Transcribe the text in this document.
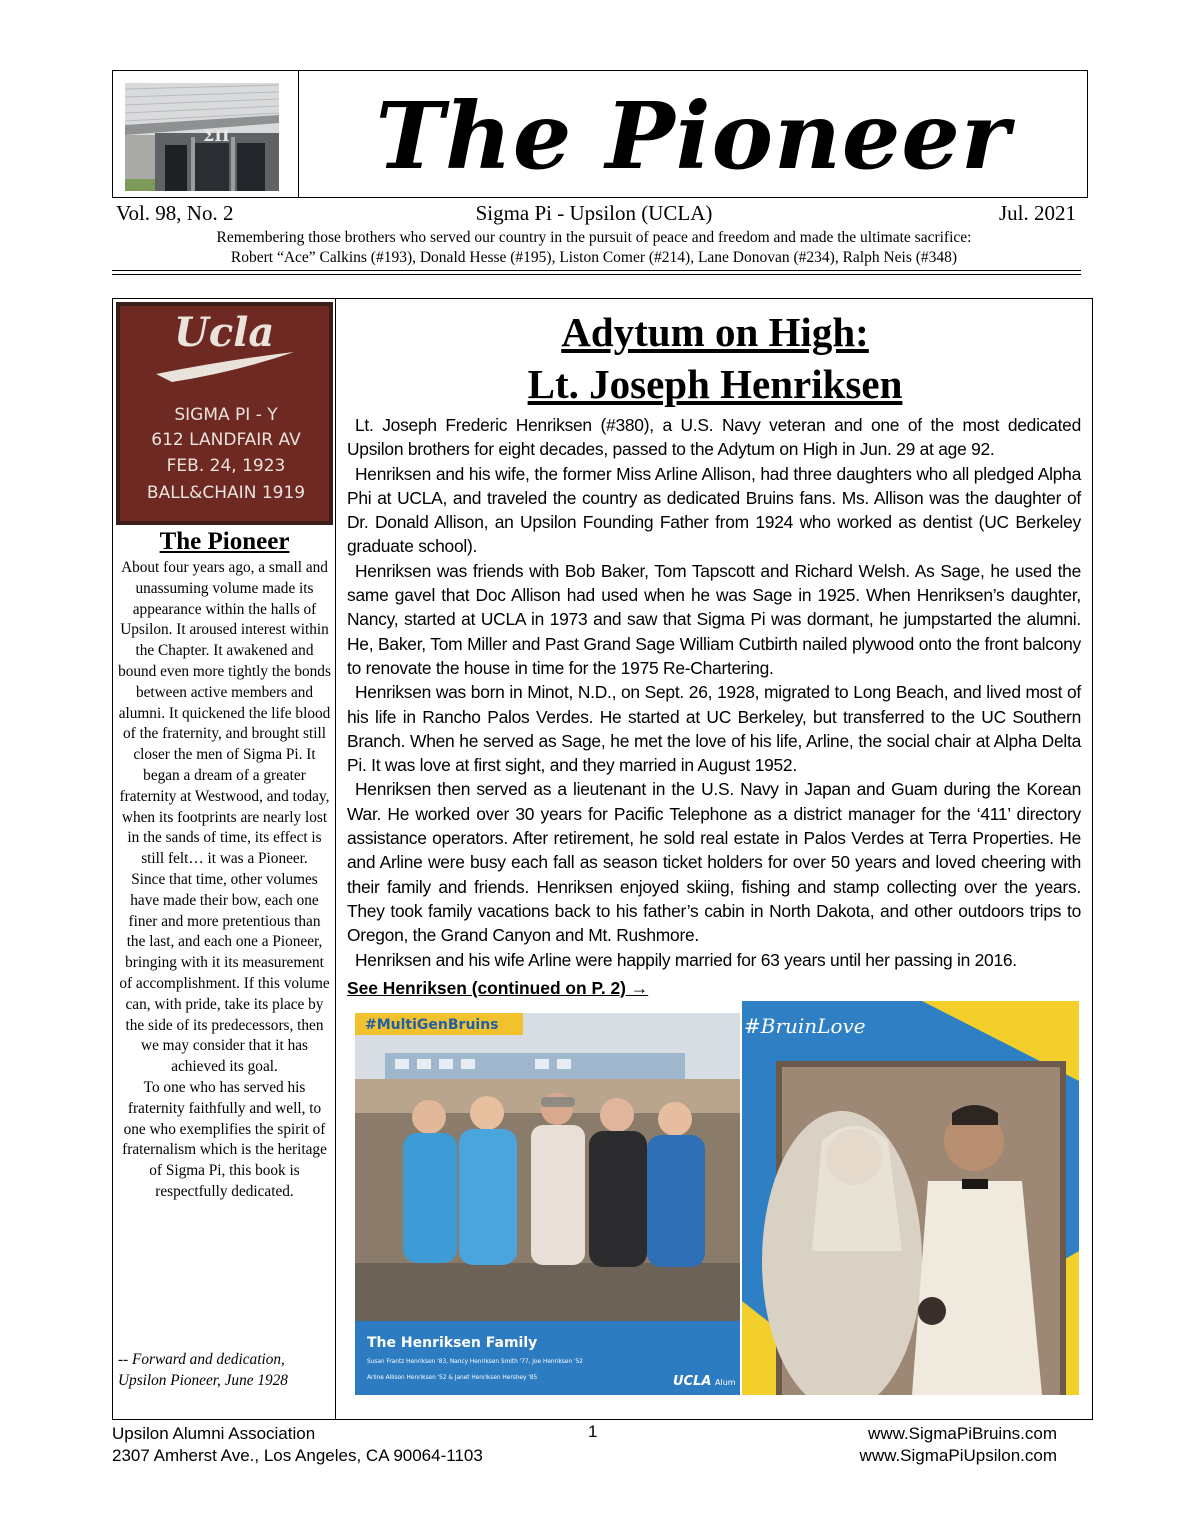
ΣΠ	The Pioneer
Vol. 98, No. 2	Sigma Pi - Upsilon (UCLA)	Jul. 2021
Remembering those brothers who served our country in the pursuit of peace and freedom and made the ultimate sacrifice:
Robert “Ace” Calkins (#193), Donald Hesse (#195), Liston Comer (#214), Lane Donovan (#234), Ralph Neis (#348)
Ucla
SIGMA PI - Y
612 LANDFAIR AV
FEB. 24, 1923
BALL&CHAIN 1919
The Pioneer
About four years ago, a small and unassuming volume made its appearance within the halls of Upsilon. It aroused interest within the Chapter. It awakened and bound even more tightly the bonds between active members and alumni. It quickened the life blood of the fraternity, and brought still closer the men of Sigma Pi. It began a dream of a greater fraternity at Westwood, and today, when its footprints are nearly lost in the sands of time, its effect is still felt… it was a Pioneer.
Since that time, other volumes have made their bow, each one finer and more pretentious than the last, and each one a Pioneer, bringing with it its measurement of accomplishment. If this volume can, with pride, take its place by the side of its predecessors, then we may consider that it has achieved its goal.
To one who has served his fraternity faithfully and well, to one who exemplifies the spirit of fraternalism which is the heritage of Sigma Pi, this book is respectfully dedicated.
-- Forward and dedication,
Upsilon Pioneer, June 1928
Adytum on High:
Lt. Joseph Henriksen

Lt. Joseph Frederic Henriksen (#380), a U.S. Navy veteran and one of the most dedicated Upsilon brothers for eight decades, passed to the Adytum on High in Jun. 29 at age 92.

Henriksen and his wife, the former Miss Arline Allison, had three daughters who all pledged Alpha Phi at UCLA, and traveled the country as dedicated Bruins fans. Ms. Allison was the daughter of Dr. Donald Allison, an Upsilon Founding Father from 1924 who worked as dentist (UC Berkeley graduate school).

Henriksen was friends with Bob Baker, Tom Tapscott and Richard Welsh. As Sage, he used the same gavel that Doc Allison had used when he was Sage in 1925. When Henriksen’s daughter, Nancy, started at UCLA in 1973 and saw that Sigma Pi was dormant, he jumpstarted the alumni. He, Baker, Tom Miller and Past Grand Sage William Cutbirth nailed plywood onto the front balcony to renovate the house in time for the 1975 Re-Chartering.

Henriksen was born in Minot, N.D., on Sept. 26, 1928, migrated to Long Beach, and lived most of his life in Rancho Palos Verdes. He started at UC Berkeley, but transferred to the UC Southern Branch. When he served as Sage, he met the love of his life, Arline, the social chair at Alpha Delta Pi. It was love at first sight, and they married in August 1952.

Henriksen then served as a lieutenant in the U.S. Navy in Japan and Guam during the Korean War. He worked over 30 years for Pacific Telephone as a district manager for the ‘411’ directory assistance operators. After retirement, he sold real estate in Palos Verdes at Terra Properties. He and Arline were busy each fall as season ticket holders for over 50 years and loved cheering with their family and friends. Henriksen enjoyed skiing, fishing and stamp collecting over the years. They took family vacations back to his father’s cabin in North Dakota, and other outdoors trips to Oregon, the Grand Canyon and Mt. Rushmore.

Henriksen and his wife Arline were happily married for 63 years until her passing in 2016.

See Henriksen (continued on P. 2) →
#MultiGenBruins
The Henriksen Family
Susan Frantz Henriksen '83, Nancy Henriksen Smith '77, Joe Henriksen '52
Arline Allison Henriksen '52 & Janet Henriksen Hershey '85	UCLA Alum
#BruinLove
Upsilon Alumni Association
2307 Amherst Ave., Los Angeles, CA 90064-1103
1	www.SigmaPiBruins.com
www.SigmaPiUpsilon.com
